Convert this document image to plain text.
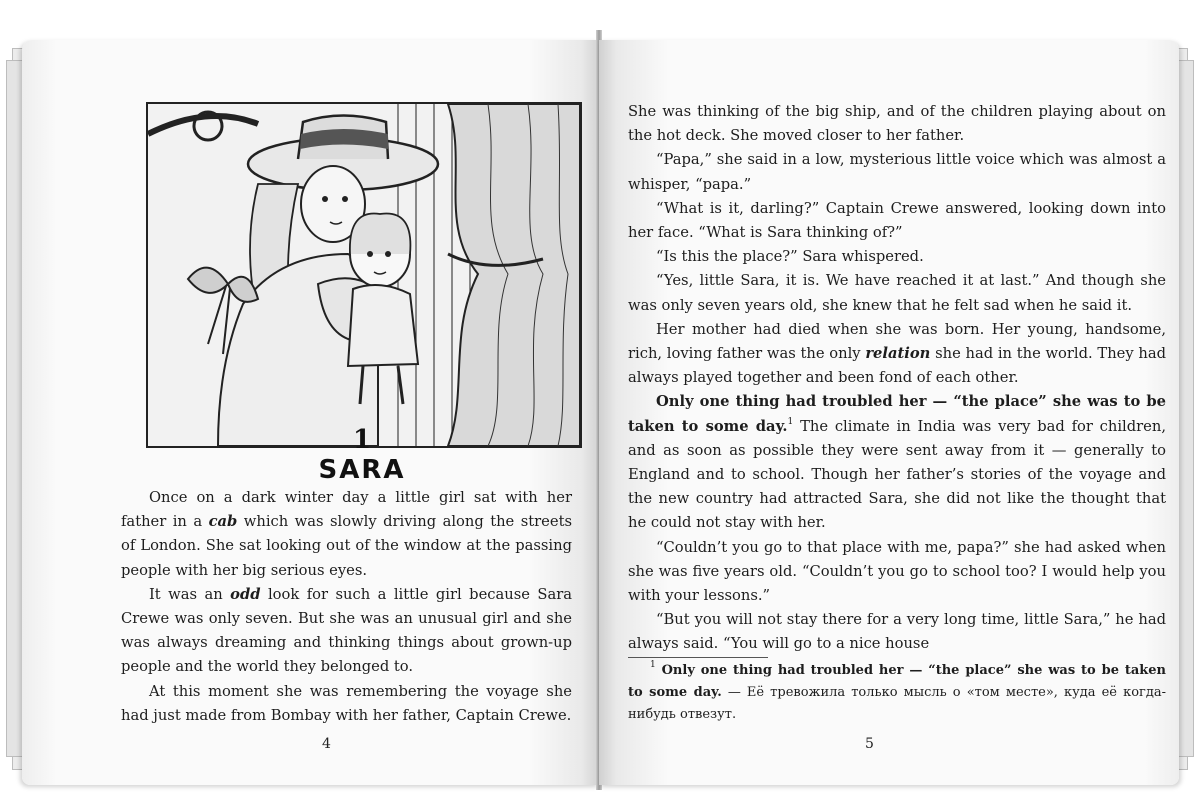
1
SARA

Once on a dark winter day a little girl sat with her father in a cab which was slowly driving along the streets of London. She sat looking out of the window at the passing people with her big serious eyes.

It was an odd look for such a little girl because Sara Crewe was only seven. But she was an unusual girl and she was always dreaming and thinking things about grown-up people and the world they belonged to.

At this moment she was remembering the voyage she had just made from Bombay with her father, Captain Crewe.

4

She was thinking of the big ship, and of the children playing about on the hot deck. She moved closer to her father.

“Papa,” she said in a low, mysterious little voice which was almost a whisper, “papa.”

“What is it, darling?” Captain Crewe answered, looking down into her face. “What is Sara thinking of?”

“Is this the place?” Sara whispered.

“Yes, little Sara, it is. We have reached it at last.” And though she was only seven years old, she knew that he felt sad when he said it.

Her mother had died when she was born. Her young, handsome, rich, loving father was the only relation she had in the world. They had always played together and been fond of each other.

Only one thing had troubled her — “the place” she was to be taken to some day.$^1$ The climate in India was very bad for children, and as soon as possible they were sent away from it — generally to England and to school. Though her father’s stories of the voyage and the new country had attracted Sara, she did not like the thought that he could not stay with her.

“Couldn’t you go to that place with me, papa?” she had asked when she was five years old. “Couldn’t you go to school too? I would help you with your lessons.”

“But you will not stay there for a very long time, little Sara,” he had always said. “You will go to a nice house

$^1$ Only one thing had troubled her — “the place” she was to be taken to some day. — Её тревожила только мысль о «том месте», куда её когда-нибудь отвезут.

5
